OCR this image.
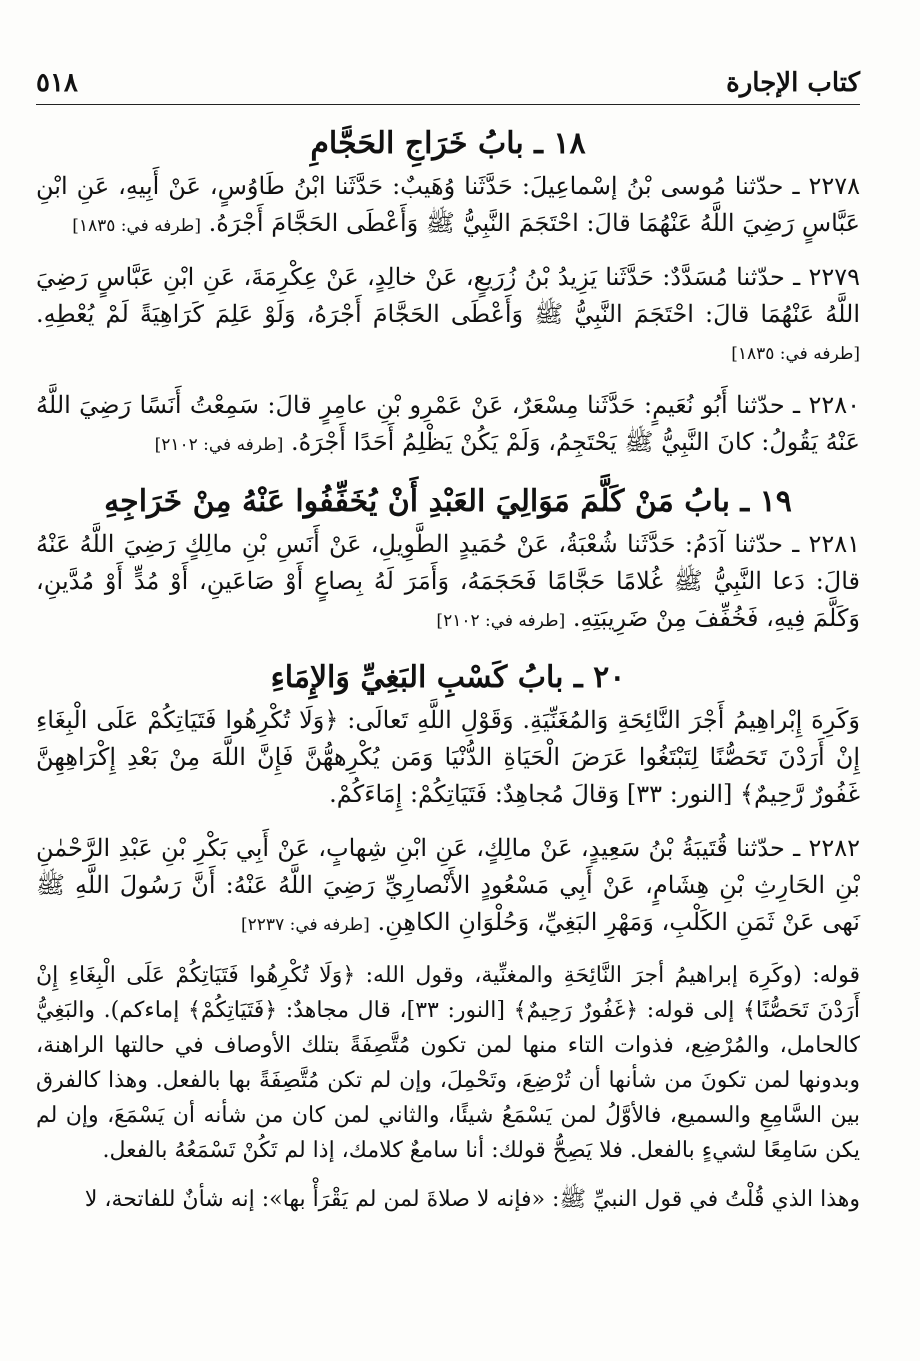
كتاب الإجارة
٥١٨
١٨ ـ بابُ خَرَاجِ الحَجَّامِ

٢٢٧٨ ـ حدّثنا مُوسى بْنُ إسْماعِيلَ: حَدَّثَنا وُهَيبٌ: حَدَّثَنا ابْنُ طَاوُسٍ، عَنْ أَبِيهِ، عَنِ ابْنِ عَبَّاسٍ رَضِيَ اللَّهُ عَنْهُمَا قالَ: احْتَجَمَ النَّبِيُّ ﷺ وَأَعْطَى الحَجَّامَ أَجْرَهُ. [طرفه في: ١٨٣٥]

٢٢٧٩ ـ حدّثنا مُسَدَّدٌ: حَدَّثَنا يَزِيدُ بْنُ زُرَيعٍ، عَنْ خالِدٍ، عَنْ عِكْرِمَةَ، عَنِ ابْنِ عَبَّاسٍ رَضِيَ اللَّهُ عَنْهُمَا قالَ: احْتَجَمَ النَّبِيُّ ﷺ وَأَعْطَى الحَجَّامَ أَجْرَهُ، وَلَوْ عَلِمَ كَرَاهِيَةً لَمْ يُعْطِهِ. [طرفه في: ١٨٣٥]

٢٢٨٠ ـ حدّثنا أَبُو نُعَيمٍ: حَدَّثَنا مِسْعَرٌ، عَنْ عَمْرِو بْنِ عامِرٍ قالَ: سَمِعْتُ أَنَسًا رَضِيَ اللَّهُ عَنْهُ يَقُولُ: كانَ النَّبِيُّ ﷺ يَحْتَجِمُ، وَلَمْ يَكُنْ يَظْلِمُ أَحَدًا أَجْرَهُ. [طرفه في: ٢١٠٢]

١٩ ـ بابُ مَنْ كَلَّمَ مَوَالِيَ العَبْدِ أَنْ يُخَفِّفُوا عَنْهُ مِنْ خَرَاجِهِ

٢٢٨١ ـ حدّثنا آدَمُ: حَدَّثَنا شُعْبَةُ، عَنْ حُمَيدٍ الطَّوِيلِ، عَنْ أَنَسِ بْنِ مالِكٍ رَضِيَ اللَّهُ عَنْهُ قالَ: دَعا النَّبِيُّ ﷺ غُلامًا حَجَّامًا فَحَجَمَهُ، وَأَمَرَ لَهُ بِصاعٍ أَوْ صَاعَينِ، أَوْ مُدٍّ أَوْ مُدَّينِ، وَكَلَّمَ فِيهِ، فَخُفِّفَ مِنْ ضَرِيبَتِهِ. [طرفه في: ٢١٠٢]

٢٠ ـ بابُ كَسْبِ البَغِيِّ وَالإِمَاءِ

وَكَرِهَ إِبْراهِيمُ أَجْرَ النَّائِحَةِ وَالمُغَنِّيَةِ. وَقَوْلِ اللَّهِ تَعالَى: ﴿وَلَا تُكْرِهُوا فَتَيَاتِكُمْ عَلَى الْبِغَاءِ إِنْ أَرَدْنَ تَحَصُّنًا لِتَبْتَغُوا عَرَضَ الْحَيَاةِ الدُّنْيَا وَمَن يُكْرِههُّنَّ فَإِنَّ اللَّهَ مِنْ بَعْدِ إِكْرَاهِهِنَّ غَفُورٌ رَّحِيمٌ﴾ [النور: ٣٣] وَقالَ مُجاهِدٌ: فَتَيَاتِكُمْ: إِمَاءَكُمْ.

٢٢٨٢ ـ حدّثنا قُتَيبَةُ بْنُ سَعِيدٍ، عَنْ مالِكٍ، عَنِ ابْنِ شِهابٍ، عَنْ أَبِي بَكْرِ بْنِ عَبْدِ الرَّحْمٰنِ بْنِ الحَارِثِ بْنِ هِشَامٍ، عَنْ أَبِي مَسْعُودٍ الأَنْصارِيِّ رَضِيَ اللَّهُ عَنْهُ: أَنَّ رَسُولَ اللَّهِ ﷺ نَهى عَنْ ثَمَنِ الكَلْبِ، وَمَهْرِ البَغِيِّ، وَحُلْوَانِ الكاهِنِ. [طرفه في: ٢٢٣٧]

قوله: (وكَرِهَ إبراهيمُ أجرَ النَّائِحَةِ والمغنِّية، وقول الله: ﴿وَلَا تُكْرِهُوا فَتَيَاتِكُمْ عَلَى الْبِغَاءِ إِنْ أَرَدْنَ تَحَصُّنًا﴾ إلى قوله: ﴿غَفُورٌ رَحِيمٌ﴾ [النور: ٣٣]، قال مجاهدٌ: ﴿فَتَيَاتِكُمْ﴾ إماءكم). والبَغِيُّ كالحامل، والمُرْضِع، فذوات التاء منها لمن تكون مُتَّصِفَةً بتلك الأوصاف في حالتها الراهنة، وبدونها لمن تكونَ من شأنها أن تُرْضِعَ، وتَحْمِلَ، وإن لم تكن مُتَّصِفَةً بها بالفعل. وهذا كالفرق بين السَّامِعِ والسميع، فالأوَّلُ لمن يَسْمَعُ شيئًا، والثاني لمن كان من شأنه أن يَسْمَعَ، وإن لم يكن سَامِعًا لشيءٍ بالفعل. فلا يَصِحُّ قولك: أنا سامعٌ كلامك، إذا لم تَكُنْ تَسْمَعُهُ بالفعل.

وهذا الذي قُلْتُ في قول النبيِّ ﷺ: «فإنه لا صلاةَ لمن لم يَقْرَأْ بها»: إنه شأنٌ للفاتحة، لا
